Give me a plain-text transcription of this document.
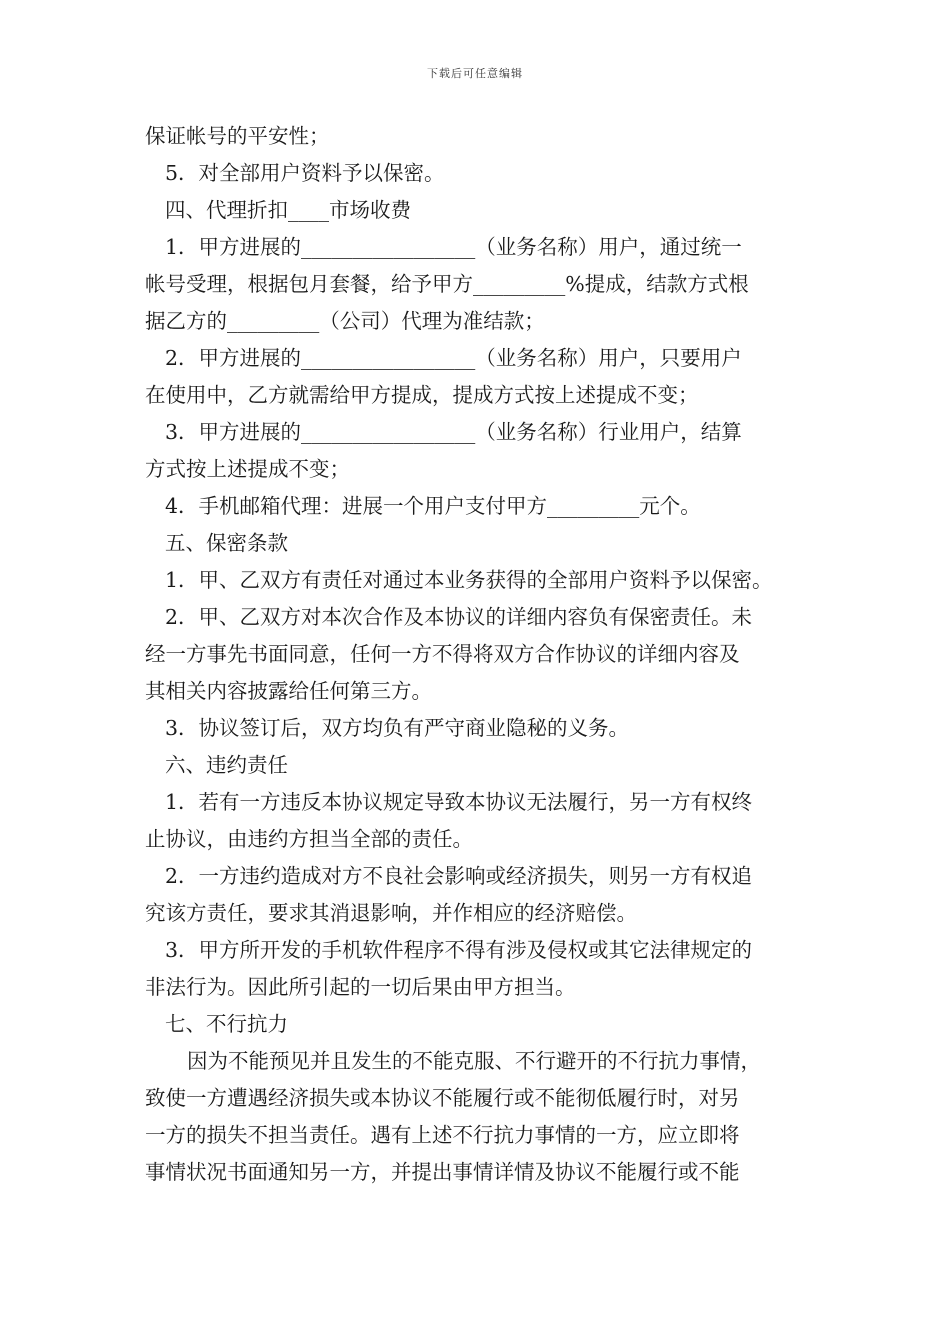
下载后可任意编辑
保证帐号的平安性；
5．对全部用户资料予以保密。
四、代理折扣____市场收费
1．甲方进展的_________________（业务名称）用户，通过统一
帐号受理，根据包月套餐，给予甲方_________%提成，结款方式根
据乙方的_________（公司）代理为准结款；
2．甲方进展的_________________（业务名称）用户，只要用户
在使用中，乙方就需给甲方提成，提成方式按上述提成不变；
3．甲方进展的_________________（业务名称）行业用户，结算
方式按上述提成不变；
4．手机邮箱代理：进展一个用户支付甲方_________元个。
五、保密条款
1．甲、乙双方有责任对通过本业务获得的全部用户资料予以保密。
2．甲、乙双方对本次合作及本协议的详细内容负有保密责任。未
经一方事先书面同意，任何一方不得将双方合作协议的详细内容及
其相关内容披露给任何第三方。
3．协议签订后，双方均负有严守商业隐秘的义务。
六、违约责任
1．若有一方违反本协议规定导致本协议无法履行，另一方有权终
止协议，由违约方担当全部的责任。
2．一方违约造成对方不良社会影响或经济损失，则另一方有权追
究该方责任，要求其消退影响，并作相应的经济赔偿。
3．甲方所开发的手机软件程序不得有涉及侵权或其它法律规定的
非法行为。因此所引起的一切后果由甲方担当。
七、不行抗力
因为不能预见并且发生的不能克服、不行避开的不行抗力事情，
致使一方遭遇经济损失或本协议不能履行或不能彻低履行时，对另
一方的损失不担当责任。遇有上述不行抗力事情的一方，应立即将
事情状况书面通知另一方，并提出事情详情及协议不能履行或不能
